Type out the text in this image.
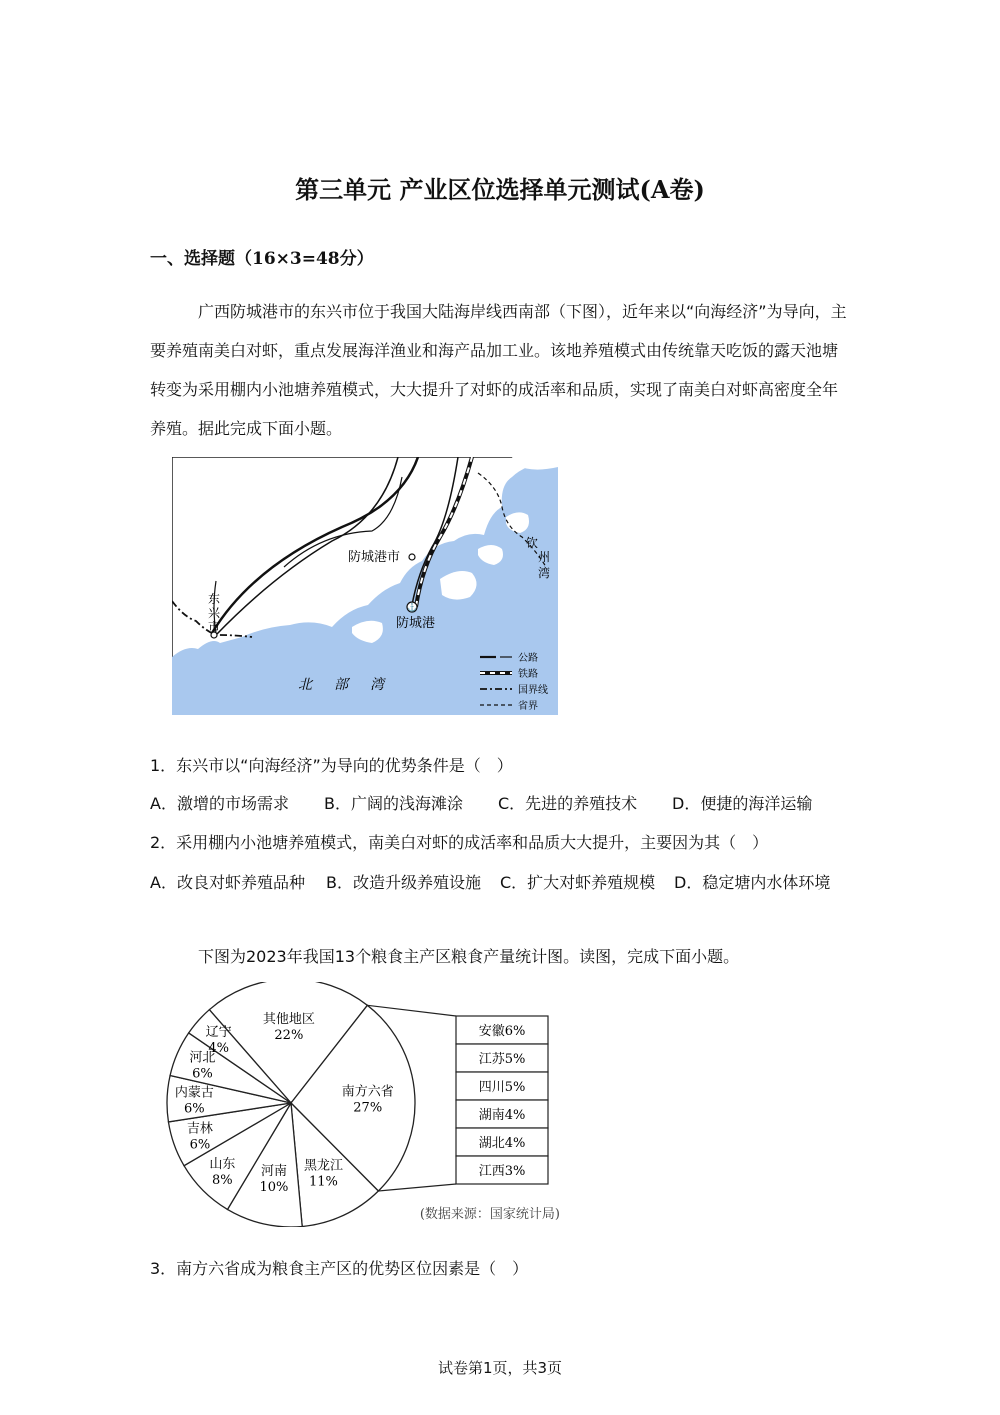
第三单元 产业区位选择单元测试(A卷)
一、选择题（16×3=48分）
广西防城港市的东兴市位于我国大陆海岸线西南部（下图），近年来以“向海经济”为导向，主要养殖南美白对虾，重点发展海洋渔业和海产品加工业。该地养殖模式由传统靠天吃饭的露天池塘转变为采用棚内小池塘养殖模式，大大提升了对虾的成活率和品质，实现了南美白对虾高密度全年养殖。据此完成下面小题。
⚓
防城港市
防城港
东
兴
市
钦
州
湾
北 部 湾
公路
铁路
国界线
省界
1．东兴市以“向海经济”为导向的优势条件是（　）
A．激增的市场需求 B．广阔的浅海滩涂 C．先进的养殖技术 D．便捷的海洋运输
2．采用棚内小池塘养殖模式，南美白对虾的成活率和品质大大提升，主要因为其（　）
A．改良对虾养殖品种 B．改造升级养殖设施 C．扩大对虾养殖规模 D．稳定塘内水体环境
下图为2023年我国13个粮食主产区粮食产量统计图。读图，完成下面小题。
其他地区
22%
南方六省
27%
黑龙江
11%
河南
10%
山东
8%
吉林
6%
内蒙古
6%
河北
6%
辽宁
4%
安徽6%
江苏5%
四川5%
湖南4%
湖北4%
江西3%
(数据来源：国家统计局)
3．南方六省成为粮食主产区的优势区位因素是（　）
试卷第1页，共3页
